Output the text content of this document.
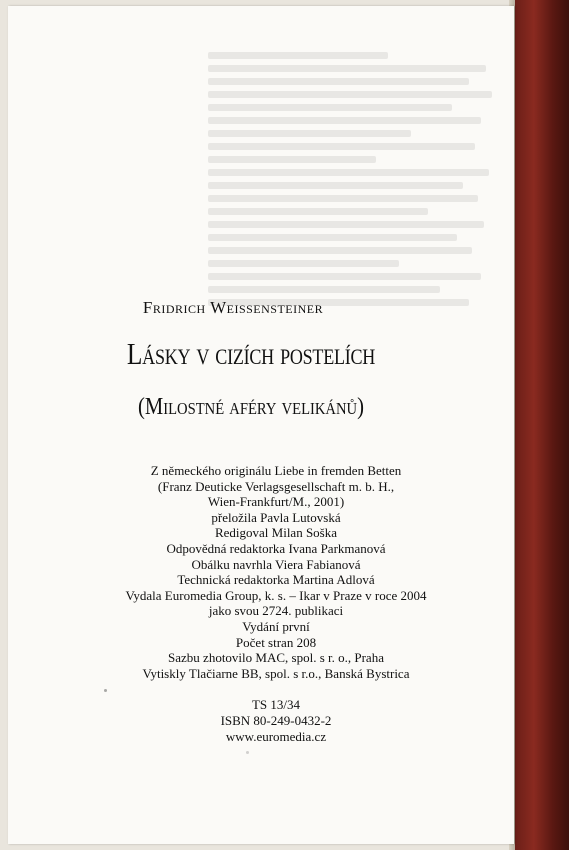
Fridrich Weissensteiner
Lásky v cizích postelích
(Milostné aféry velikánů)
Z německého originálu Liebe in fremden Betten
(Franz Deuticke Verlagsgesellschaft m. b. H.,
Wien-Frankfurt/M., 2001)
přeložila Pavla Lutovská
Redigoval Milan Soška
Odpovědná redaktorka Ivana Parkmanová
Obálku navrhla Viera Fabianová
Technická redaktorka Martina Adlová
Vydala Euromedia Group, k. s. – Ikar v Praze v roce 2004
jako svou 2724. publikaci
Vydání první
Počet stran 208
Sazbu zhotovilo MAC, spol. s r. o., Praha
Vytiskly Tlačiarne BB, spol. s r.o., Banská Bystrica
TS 13/34
ISBN 80-249-0432-2
www.euromedia.cz
